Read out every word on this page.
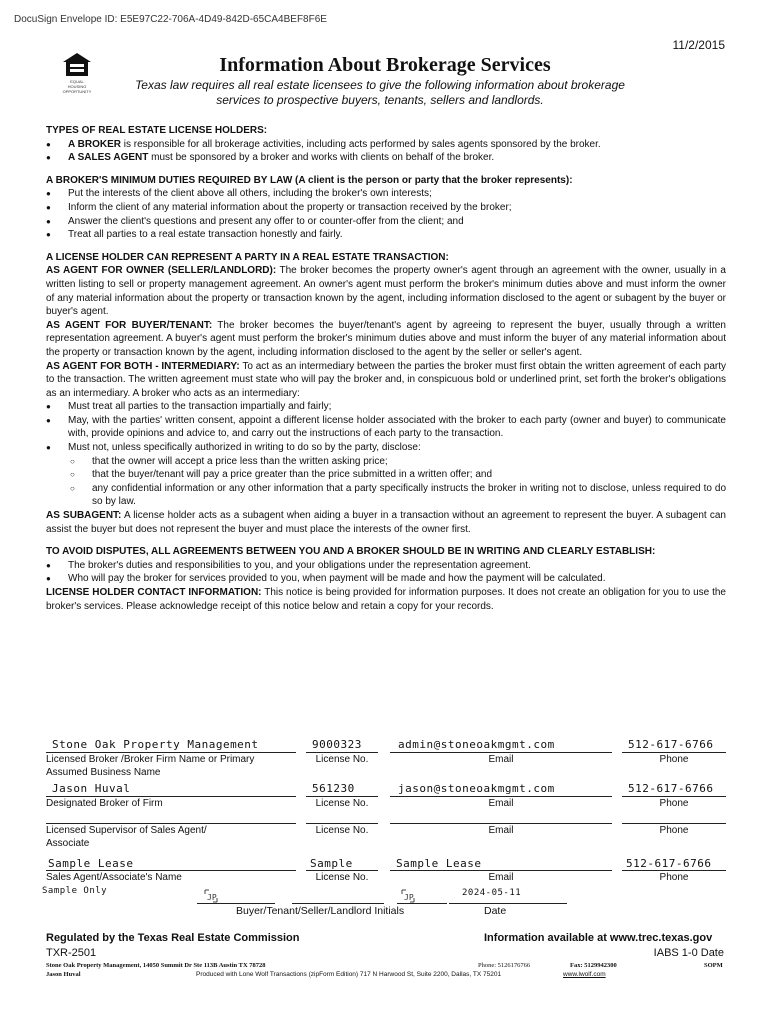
DocuSign Envelope ID: E5E97C22-706A-4D49-842D-65CA4BEF8F6E
11/2/2015
EQUAL HOUSING OPPORTUNITY
Information About Brokerage Services
Texas law requires all real estate licensees to give the following information about brokerage services to prospective buyers, tenants, sellers and landlords.
TYPES OF REAL ESTATE LICENSE HOLDERS:
● A BROKER is responsible for all brokerage activities, including acts performed by sales agents sponsored by the broker.
● A SALES AGENT must be sponsored by a broker and works with clients on behalf of the broker.
A BROKER'S MINIMUM DUTIES REQUIRED BY LAW (A client is the person or party that the broker represents):
● Put the interests of the client above all others, including the broker's own interests;
● Inform the client of any material information about the property or transaction received by the broker;
● Answer the client's questions and present any offer to or counter-offer from the client; and
● Treat all parties to a real estate transaction honestly and fairly.
A LICENSE HOLDER CAN REPRESENT A PARTY IN A REAL ESTATE TRANSACTION:

AS AGENT FOR OWNER (SELLER/LANDLORD): The broker becomes the property owner's agent through an agreement with the owner, usually in a written listing to sell or property management agreement. An owner's agent must perform the broker's minimum duties above and must inform the owner of any material information about the property or transaction known by the agent, including information disclosed to the agent or subagent by the buyer or buyer's agent.

AS AGENT FOR BUYER/TENANT: The broker becomes the buyer/tenant's agent by agreeing to represent the buyer, usually through a written representation agreement. A buyer's agent must perform the broker's minimum duties above and must inform the buyer of any material information about the property or transaction known by the agent, including information disclosed to the agent by the seller or seller's agent.

AS AGENT FOR BOTH - INTERMEDIARY: To act as an intermediary between the parties the broker must first obtain the written agreement of each party to the transaction. The written agreement must state who will pay the broker and, in conspicuous bold or underlined print, set forth the broker's obligations as an intermediary. A broker who acts as an intermediary:

● Must treat all parties to the transaction impartially and fairly;
● May, with the parties' written consent, appoint a different license holder associated with the broker to each party (owner and buyer) to communicate with, provide opinions and advice to, and carry out the instructions of each party to the transaction.
● Must not, unless specifically authorized in writing to do so by the party, disclose:
○ that the owner will accept a price less than the written asking price;
○ that the buyer/tenant will pay a price greater than the price submitted in a written offer; and
○ any confidential information or any other information that a party specifically instructs the broker in writing not to disclose, unless required to do so by law.

AS SUBAGENT: A license holder acts as a subagent when aiding a buyer in a transaction without an agreement to represent the buyer. A subagent can assist the buyer but does not represent the buyer and must place the interests of the owner first.

TO AVOID DISPUTES, ALL AGREEMENTS BETWEEN YOU AND A BROKER SHOULD BE IN WRITING AND CLEARLY ESTABLISH:
● The broker's duties and responsibilities to you, and your obligations under the representation agreement.
● Who will pay the broker for services provided to you, when payment will be made and how the payment will be calculated.

LICENSE HOLDER CONTACT INFORMATION: This notice is being provided for information purposes. It does not create an obligation for you to use the broker's services. Please acknowledge receipt of this notice below and retain a copy for your records.

Stone Oak Property Management	9000323	admin@stoneoakmgmt.com	512-617-6766
Licensed Broker /Broker Firm Name or Primary Assumed Business Name
License No.	Email	Phone
Jason Huval	561230	jason@stoneoakmgmt.com	512-617-6766
Designated Broker of Firm	License No.	Email	Phone
Licensed Supervisor of Sales Agent/ Associate
License No.	Email	Phone
Sample Lease	Sample	Sample Lease	512-617-6766
Sales Agent/Associate's Name	License No.	Email	Phone
Sample Only
JP	JP	2024-05-11
Buyer/Tenant/Seller/Landlord Initials	Date
Regulated by the Texas Real Estate Commission	Information available at www.trec.texas.gov
TXR-2501	IABS 1-0 Date
Stone Oak Property Management, 14050 Summit Dr Ste 113B Austin TX 78728	Phone: 5126176766	Fax: 5129942300	SOPM
Jason Huval	Produced with Lone Wolf Transactions (zipForm Edition) 717 N Harwood St, Suite 2200, Dallas, TX 75201	www.lwolf.com
